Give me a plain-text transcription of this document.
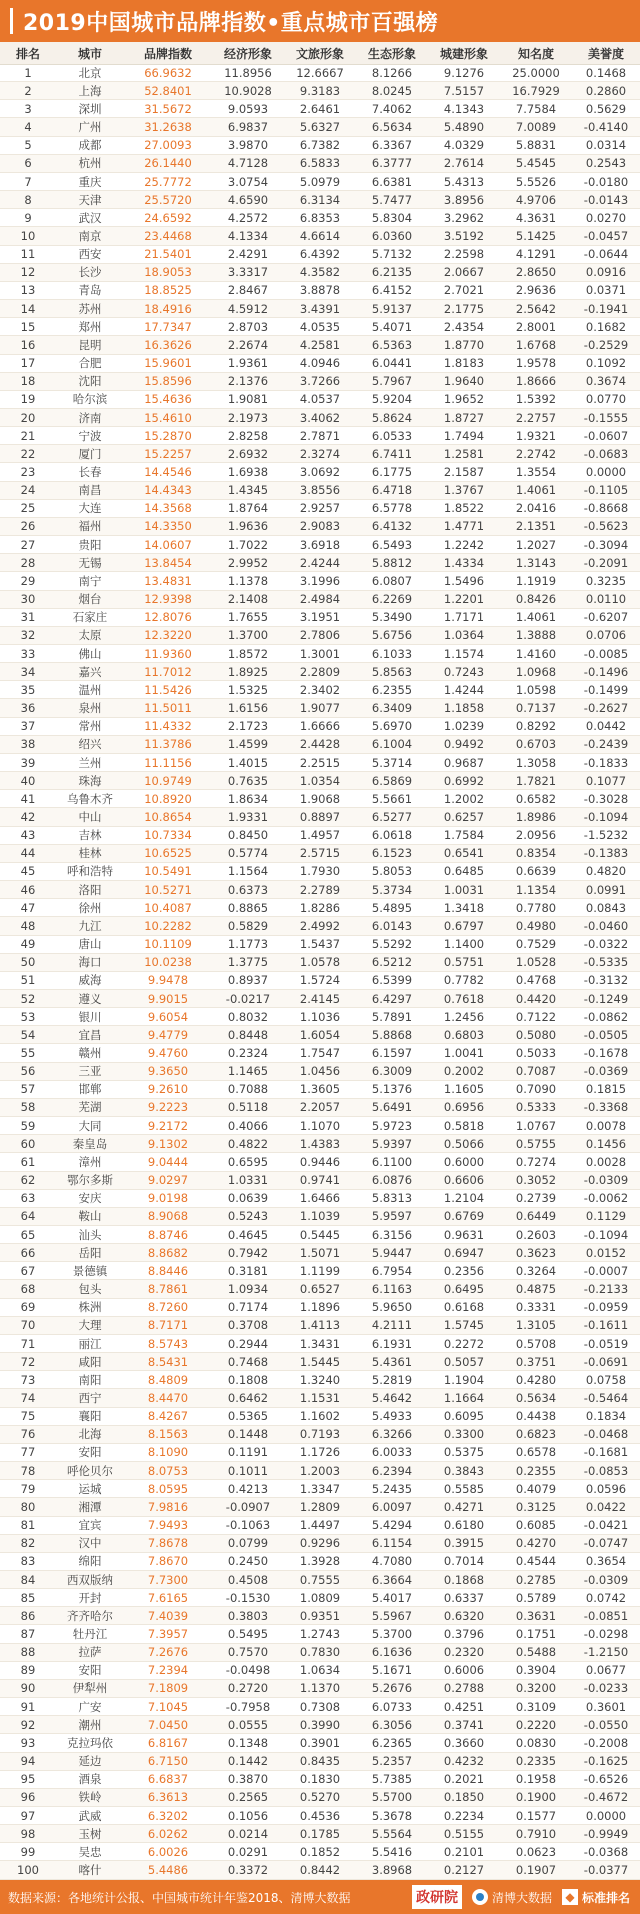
2019中国城市品牌指数•重点城市百强榜
排名	城市	品牌指数	经济形象	文旅形象	生态形象	城建形象	知名度	美誉度
1	北京	66.9632	11.8956	12.6667	8.1266	9.1276	25.0000	0.1468
2	上海	52.8401	10.9028	9.3183	8.0245	7.5157	16.7929	0.2860
3	深圳	31.5672	9.0593	2.6461	7.4062	4.1343	7.7584	0.5629
4	广州	31.2638	6.9837	5.6327	6.5634	5.4890	7.0089	-0.4140
5	成都	27.0093	3.9870	6.7382	6.3367	4.0329	5.8831	0.0314
6	杭州	26.1440	4.7128	6.5833	6.3777	2.7614	5.4545	0.2543
7	重庆	25.7772	3.0754	5.0979	6.6381	5.4313	5.5526	-0.0180
8	天津	25.5720	4.6590	6.3134	5.7477	3.8956	4.9706	-0.0143
9	武汉	24.6592	4.2572	6.8353	5.8304	3.2962	4.3631	0.0270
10	南京	23.4468	4.1334	4.6614	6.0360	3.5192	5.1425	-0.0457
11	西安	21.5401	2.4291	6.4392	5.7132	2.2598	4.1291	-0.0644
12	长沙	18.9053	3.3317	4.3582	6.2135	2.0667	2.8650	0.0916
13	青岛	18.8525	2.8467	3.8878	6.4152	2.7021	2.9636	0.0371
14	苏州	18.4916	4.5912	3.4391	5.9137	2.1775	2.5642	-0.1941
15	郑州	17.7347	2.8703	4.0535	5.4071	2.4354	2.8001	0.1682
16	昆明	16.3626	2.2674	4.2581	6.5363	1.8770	1.6768	-0.2529
17	合肥	15.9601	1.9361	4.0946	6.0441	1.8183	1.9578	0.1092
18	沈阳	15.8596	2.1376	3.7266	5.7967	1.9640	1.8666	0.3674
19	哈尔滨	15.4636	1.9081	4.0537	5.9204	1.9652	1.5392	0.0770
20	济南	15.4610	2.1973	3.4062	5.8624	1.8727	2.2757	-0.1555
21	宁波	15.2870	2.8258	2.7871	6.0533	1.7494	1.9321	-0.0607
22	厦门	15.2257	2.6932	2.3274	6.7411	1.2581	2.2742	-0.0683
23	长春	14.4546	1.6938	3.0692	6.1775	2.1587	1.3554	0.0000
24	南昌	14.4343	1.4345	3.8556	6.4718	1.3767	1.4061	-0.1105
25	大连	14.3568	1.8764	2.9257	6.5778	1.8522	2.0416	-0.8668
26	福州	14.3350	1.9636	2.9083	6.4132	1.4771	2.1351	-0.5623
27	贵阳	14.0607	1.7022	3.6918	6.5493	1.2242	1.2027	-0.3094
28	无锡	13.8454	2.9952	2.4244	5.8812	1.4334	1.3143	-0.2091
29	南宁	13.4831	1.1378	3.1996	6.0807	1.5496	1.1919	0.3235
30	烟台	12.9398	2.1408	2.4984	6.2269	1.2201	0.8426	0.0110
31	石家庄	12.8076	1.7655	3.1951	5.3490	1.7171	1.4061	-0.6207
32	太原	12.3220	1.3700	2.7806	5.6756	1.0364	1.3888	0.0706
33	佛山	11.9360	1.8572	1.3001	6.1033	1.1574	1.4160	-0.0085
34	嘉兴	11.7012	1.8925	2.2809	5.8563	0.7243	1.0968	-0.1496
35	温州	11.5426	1.5325	2.3402	6.2355	1.4244	1.0598	-0.1499
36	泉州	11.5011	1.6156	1.9077	6.3409	1.1858	0.7137	-0.2627
37	常州	11.4332	2.1723	1.6666	5.6970	1.0239	0.8292	0.0442
38	绍兴	11.3786	1.4599	2.4428	6.1004	0.9492	0.6703	-0.2439
39	兰州	11.1156	1.4015	2.2515	5.3714	0.9687	1.3058	-0.1833
40	珠海	10.9749	0.7635	1.0354	6.5869	0.6992	1.7821	0.1077
41	乌鲁木齐	10.8920	1.8634	1.9068	5.5661	1.2002	0.6582	-0.3028
42	中山	10.8654	1.9331	0.8897	6.5277	0.6257	1.8986	-0.1094
43	吉林	10.7334	0.8450	1.4957	6.0618	1.7584	2.0956	-1.5232
44	桂林	10.6525	0.5774	2.5715	6.1523	0.6541	0.8354	-0.1383
45	呼和浩特	10.5491	1.1564	1.7930	5.8053	0.6485	0.6639	0.4820
46	洛阳	10.5271	0.6373	2.2789	5.3734	1.0031	1.1354	0.0991
47	徐州	10.4087	0.8865	1.8286	5.4895	1.3418	0.7780	0.0843
48	九江	10.2282	0.5829	2.4992	6.0143	0.6797	0.4980	-0.0460
49	唐山	10.1109	1.1773	1.5437	5.5292	1.1400	0.7529	-0.0322
50	海口	10.0238	1.3775	1.0578	6.5212	0.5751	1.0528	-0.5335
51	威海	9.9478	0.8937	1.5724	6.5399	0.7782	0.4768	-0.3132
52	遵义	9.9015	-0.0217	2.4145	6.4297	0.7618	0.4420	-0.1249
53	银川	9.6054	0.8032	1.1036	5.7891	1.2456	0.7122	-0.0862
54	宜昌	9.4779	0.8448	1.6054	5.8868	0.6803	0.5080	-0.0505
55	赣州	9.4760	0.2324	1.7547	6.1597	1.0041	0.5033	-0.1678
56	三亚	9.3650	1.1465	1.0456	6.3009	0.2002	0.7087	-0.0369
57	邯郸	9.2610	0.7088	1.3605	5.1376	1.1605	0.7090	0.1815
58	芜湖	9.2223	0.5118	2.2057	5.6491	0.6956	0.5333	-0.3368
59	大同	9.2172	0.4066	1.1070	5.9723	0.5818	1.0767	0.0078
60	秦皇岛	9.1302	0.4822	1.4383	5.9397	0.5066	0.5755	0.1456
61	漳州	9.0444	0.6595	0.9446	6.1100	0.6000	0.7274	0.0028
62	鄂尔多斯	9.0297	1.0331	0.9741	6.0876	0.6606	0.3052	-0.0309
63	安庆	9.0198	0.0639	1.6466	5.8313	1.2104	0.2739	-0.0062
64	鞍山	8.9068	0.5243	1.1039	5.9597	0.6769	0.6449	0.1129
65	汕头	8.8746	0.4645	0.5445	6.3156	0.9631	0.2603	-0.1094
66	岳阳	8.8682	0.7942	1.5071	5.9447	0.6947	0.3623	0.0152
67	景德镇	8.8446	0.3181	1.1199	6.7954	0.2356	0.3264	-0.0007
68	包头	8.7861	1.0934	0.6527	6.1163	0.6495	0.4875	-0.2133
69	株洲	8.7260	0.7174	1.1896	5.9650	0.6168	0.3331	-0.0959
70	大理	8.7171	0.3708	1.4113	4.2111	1.5745	1.3105	-0.1611
71	丽江	8.5743	0.2944	1.3431	6.1931	0.2272	0.5708	-0.0519
72	咸阳	8.5431	0.7468	1.5445	5.4361	0.5057	0.3751	-0.0691
73	南阳	8.4809	0.1808	1.3240	5.2819	1.1904	0.4280	0.0758
74	西宁	8.4470	0.6462	1.1531	5.4642	1.1664	0.5634	-0.5464
75	襄阳	8.4267	0.5365	1.1602	5.4933	0.6095	0.4438	0.1834
76	北海	8.1563	0.1448	0.7193	6.3266	0.3300	0.6823	-0.0468
77	安阳	8.1090	0.1191	1.1726	6.0033	0.5375	0.6578	-0.1681
78	呼伦贝尔	8.0753	0.1011	1.2003	6.2394	0.3843	0.2355	-0.0853
79	运城	8.0595	0.4213	1.3347	5.2435	0.5585	0.4079	0.0596
80	湘潭	7.9816	-0.0907	1.2809	6.0097	0.4271	0.3125	0.0422
81	宜宾	7.9493	-0.1063	1.4497	5.4294	0.6180	0.6085	-0.0421
82	汉中	7.8678	0.0799	0.9296	6.1154	0.3915	0.4270	-0.0747
83	绵阳	7.8670	0.2450	1.3928	4.7080	0.7014	0.4544	0.3654
84	西双版纳	7.7300	0.4508	0.7555	6.3664	0.1868	0.2785	-0.0309
85	开封	7.6165	-0.1530	1.0809	5.4017	0.6337	0.5789	0.0742
86	齐齐哈尔	7.4039	0.3803	0.9351	5.5967	0.6320	0.3631	-0.0851
87	牡丹江	7.3957	0.5495	1.2743	5.3700	0.3796	0.1751	-0.0298
88	拉萨	7.2676	0.7570	0.7830	6.1636	0.2320	0.5488	-1.2150
89	安阳	7.2394	-0.0498	1.0634	5.1671	0.6006	0.3904	0.0677
90	伊犁州	7.1809	0.2720	1.1370	5.2676	0.2788	0.3200	-0.0233
91	广安	7.1045	-0.7958	0.7308	6.0733	0.4251	0.3109	0.3601
92	潮州	7.0450	0.0555	0.3990	6.3056	0.3741	0.2220	-0.0550
93	克拉玛依	6.8167	0.1348	0.3901	6.2365	0.3660	0.0830	-0.2008
94	延边	6.7150	0.1442	0.8435	5.2357	0.4232	0.2335	-0.1625
95	酒泉	6.6837	0.3870	0.1830	5.7385	0.2021	0.1958	-0.6526
96	铁岭	6.3613	0.2565	0.5270	5.5700	0.1850	0.1900	-0.4672
97	武威	6.3202	0.1056	0.4536	5.3678	0.2234	0.1577	0.0000
98	玉树	6.0262	0.0214	0.1785	5.5564	0.5155	0.7910	-0.9949
99	吴忠	6.0026	0.0291	0.1852	5.5416	0.2101	0.0623	-0.0368
100	喀什	5.4486	0.3372	0.8442	3.8968	0.2127	0.1907	-0.0377
数据来源：各地统计公报、中国城市统计年鉴2018、清博大数据	政研院	清博大数据 ◆ 标准排名
